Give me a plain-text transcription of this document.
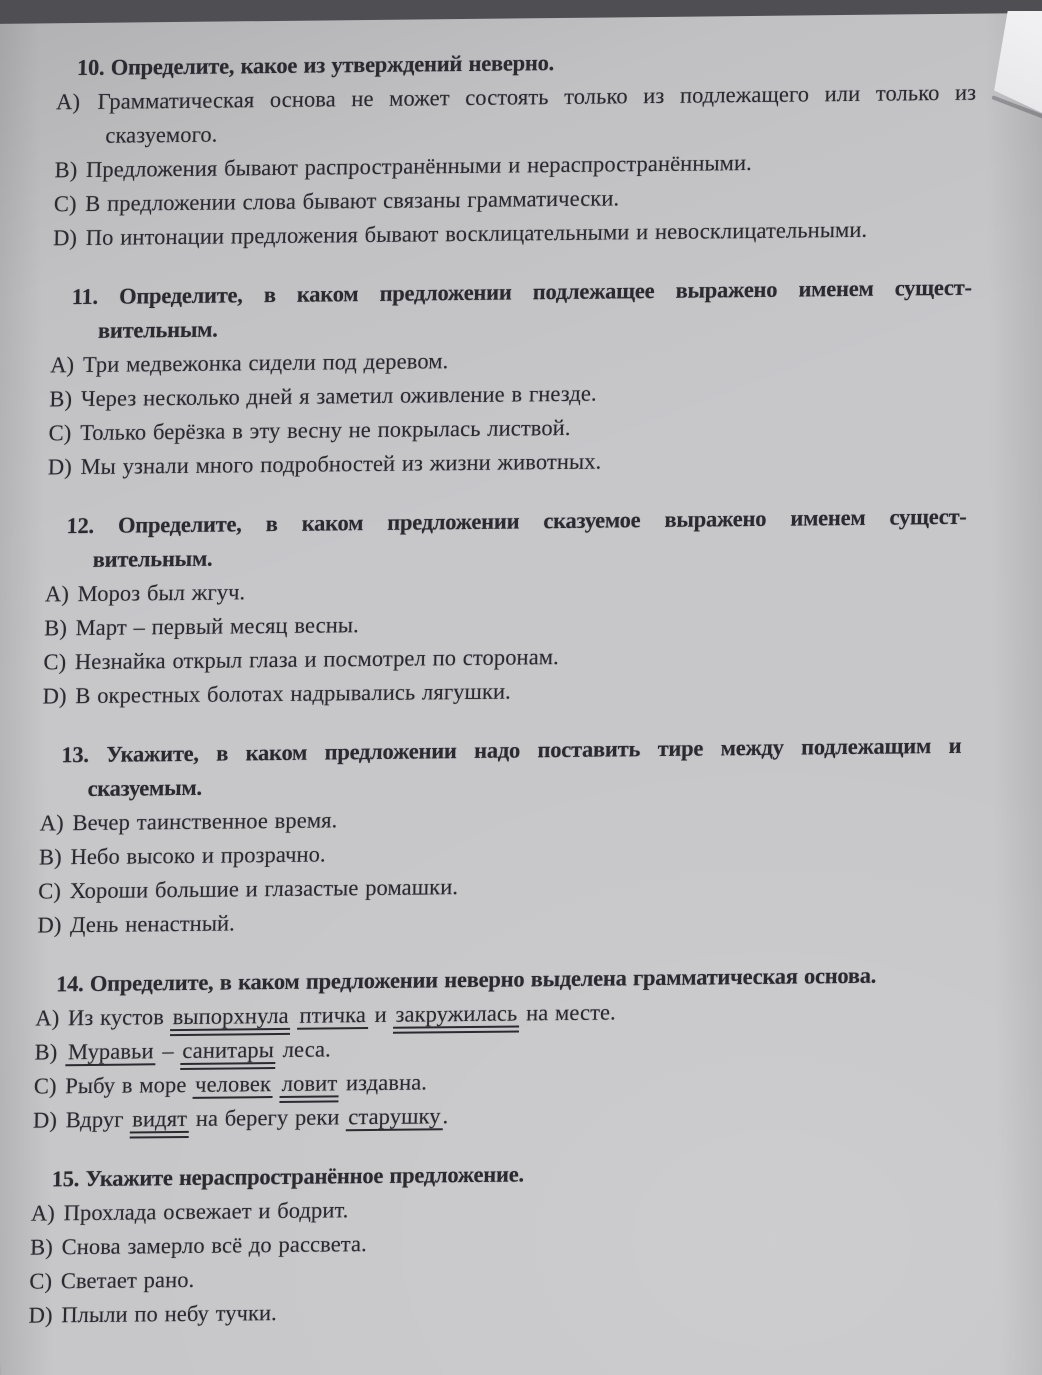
10. Определите, какое из утверждений неверно.
A) Грамматическая основа не может состоять только из подлежащего или только из
сказуемого.
B) Предложения бывают распространёнными и нераспространёнными.
C) В предложении слова бывают связаны грамматически.
D) По интонации предложения бывают восклицательными и невосклицательными.
11. Определите, в каком предложении подлежащее выражено именем сущест-
вительным.
A) Три медвежонка сидели под деревом.
B) Через несколько дней я заметил оживление в гнезде.
C) Только берёзка в эту весну не покрылась листвой.
D) Мы узнали много подробностей из жизни животных.
12. Определите, в каком предложении сказуемое выражено именем сущест-
вительным.
A) Мороз был жгуч.
B) Март – первый месяц весны.
C) Незнайка открыл глаза и посмотрел по сторонам.
D) В окрестных болотах надрывались лягушки.
13. Укажите, в каком предложении надо поставить тире между подлежащим и
сказуемым.
A) Вечер таинственное время.
B) Небо высоко и прозрачно.
C) Хороши большие и глазастые ромашки.
D) День ненастный.
14. Определите, в каком предложении неверно выделена грамматическая основа.
A) Из кустов выпорхнула птичка и закружилась на месте.
B) Муравьи – санитары леса.
C) Рыбу в море человек ловит издавна.
D) Вдруг видят на берегу реки старушку.
15. Укажите нераспространённое предложение.
A) Прохлада освежает и бодрит.
B) Снова замерло всё до рассвета.
C) Светает рано.
D) Плыли по небу тучки.
